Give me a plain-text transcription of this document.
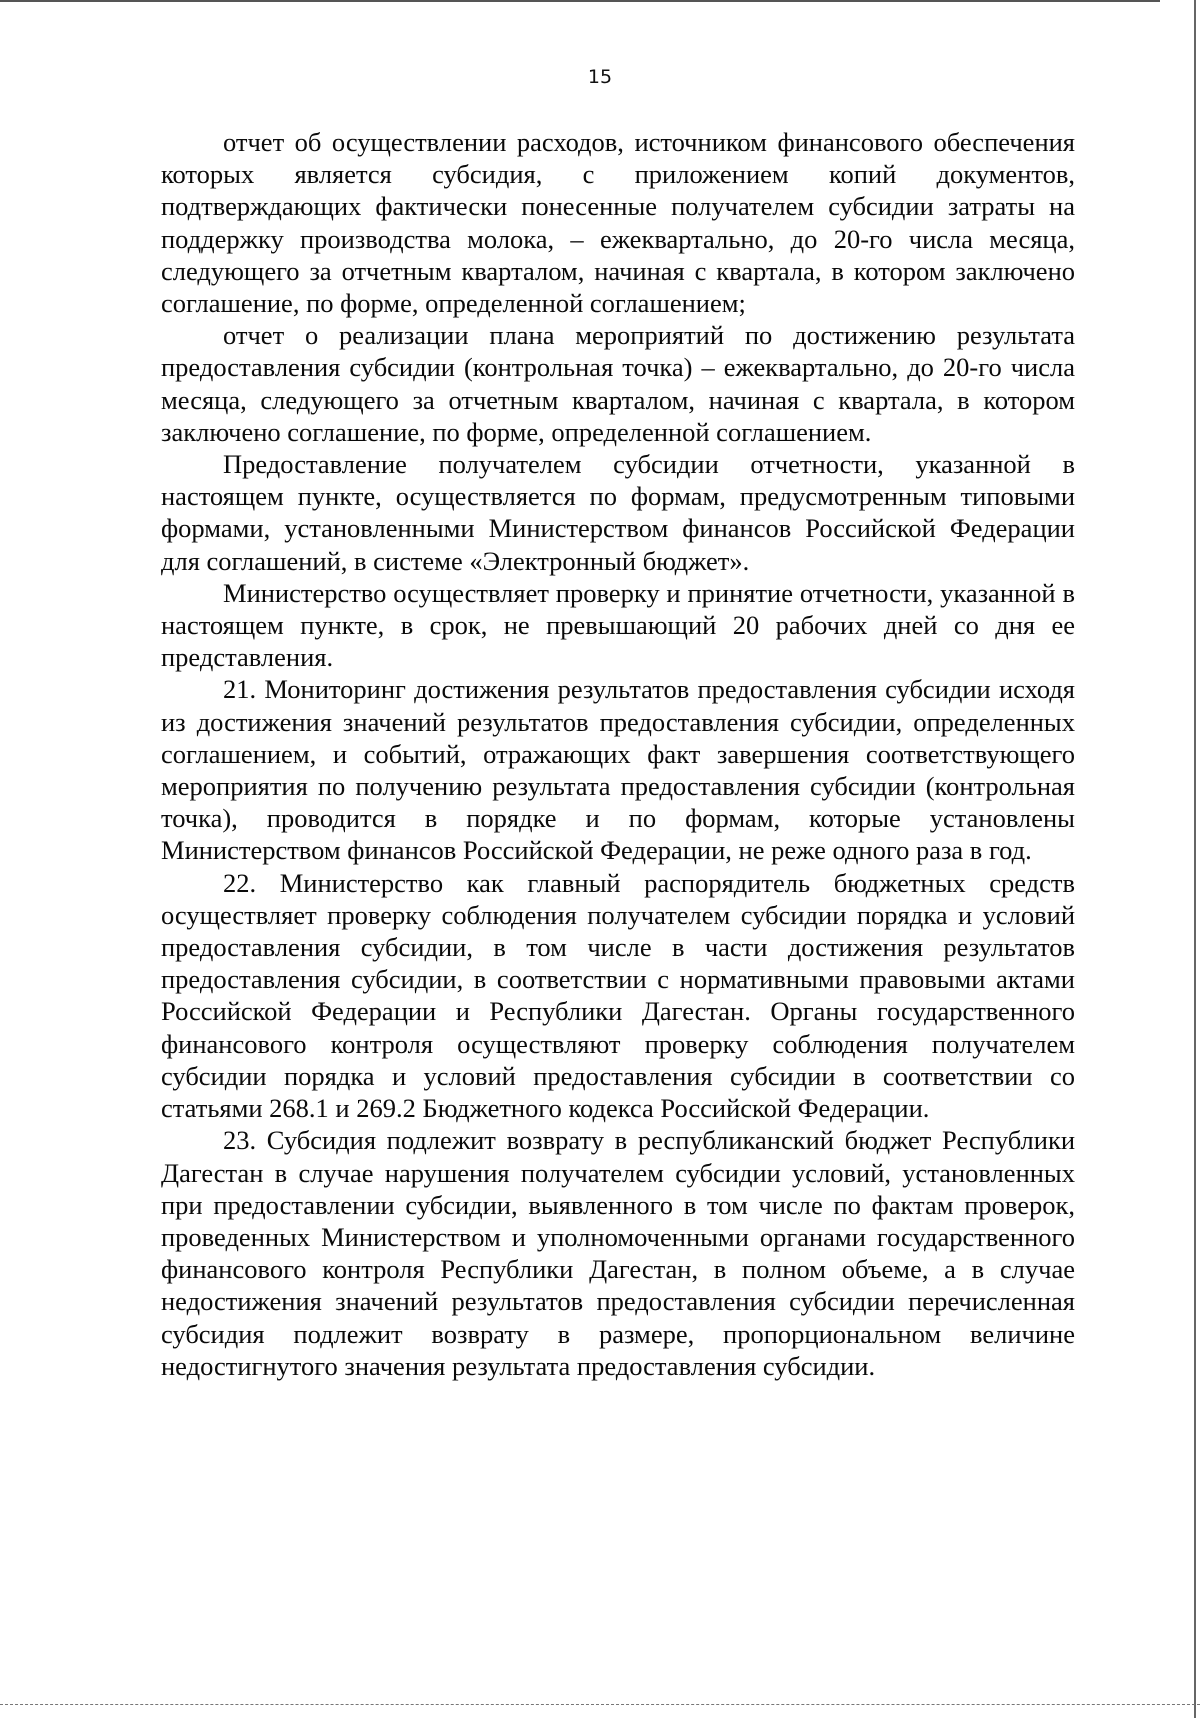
15

отчет об осуществлении расходов, источником финансового обеспечения которых является субсидия, с приложением копий документов, подтверждающих фактически понесенные получателем субсидии затраты на поддержку производства молока, – ежеквартально, до 20-го числа месяца, следующего за отчетным кварталом, начиная с квартала, в котором заключено соглашение, по форме, определенной соглашением;

отчет о реализации плана мероприятий по достижению результата предоставления субсидии (контрольная точка) – ежеквартально, до 20-го числа месяца, следующего за отчетным кварталом, начиная с квартала, в котором заключено соглашение, по форме, определенной соглашением.

Предоставление получателем субсидии отчетности, указанной в настоящем пункте, осуществляется по формам, предусмотренным типовыми формами, установленными Министерством финансов Российской Федерации для соглашений, в системе «Электронный бюджет».

Министерство осуществляет проверку и принятие отчетности, указанной в настоящем пункте, в срок, не превышающий 20 рабочих дней со дня ее представления.

21. Мониторинг достижения результатов предоставления субсидии исходя из достижения значений результатов предоставления субсидии, определенных соглашением, и событий, отражающих факт завершения соответствующего мероприятия по получению результата предоставления субсидии (контрольная точка), проводится в порядке и по формам, которые установлены Министерством финансов Российской Федерации, не реже одного раза в год.

22. Министерство как главный распорядитель бюджетных средств осуществляет проверку соблюдения получателем субсидии порядка и условий предоставления субсидии, в том числе в части достижения результатов предоставления субсидии, в соответствии с нормативными правовыми актами Российской Федерации и Республики Дагестан. Органы государственного финансового контроля осуществляют проверку соблюдения получателем субсидии порядка и условий предоставления субсидии в соответствии со статьями 268.1 и 269.2 Бюджетного кодекса Российской Федерации.

23. Субсидия подлежит возврату в республиканский бюджет Республики Дагестан в случае нарушения получателем субсидии условий, установленных при предоставлении субсидии, выявленного в том числе по фактам проверок, проведенных Министерством и уполномоченными органами государственного финансового контроля Республики Дагестан, в полном объеме, а в случае недостижения значений результатов предоставления субсидии перечисленная субсидия подлежит возврату в размере, пропорциональном величине недостигнутого значения результата предоставления субсидии.
